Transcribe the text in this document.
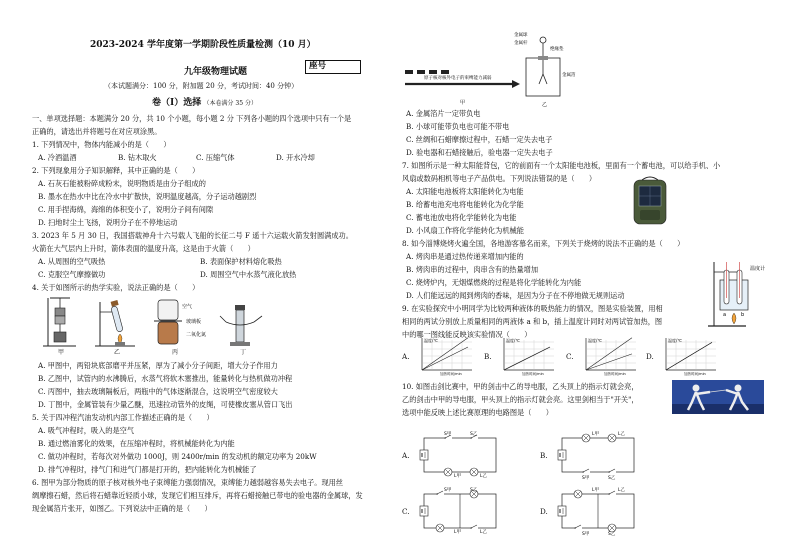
2023-2024 学年度第一学期阶段性质量检测（10 月）
座号
九年级物理试题
（本试题满分：100 分，附加题 20 分，考试时间：40 分钟）
卷（I）选择 （本卷满分 35 分）
一、单项选择题：本题满分 20 分，共 10 个小题，每小题 2 分 下列各小题的四个选项中只有一个是
正确的，请选出并将题号在对应项涂黑。
1. 下列情况中，物体内能减小的是（　　）
A. 冷酒温酒	B. 钻木取火	C. 压缩气体	D. 开水冷却
2. 下列现象用分子知识解释，其中正确的是（　　）
A. 石灰石能被粉碎成粉末，说明物质是由分子组成的
B. 墨水在热水中比在冷水中扩散快，说明温度越高，分子运动越剧烈
C. 用手捏海绵，海绵的体积变小了，说明分子间有间隙
D. 扫地时尘土飞扬，说明分子在不停地运动
3. 2023 年 5 月 30 日，我国搭载神舟十六号载人飞船的长征二号 F 遥十六运载火箭发射圆满成功。
火箭在大气层内上升时，箭体表面的温度升高，这是由于火箭（　　）
A. 从周围的空气吸热	B. 表面保护材料熔化吸热
C. 克服空气摩擦做功	D. 周围空气中水蒸气液化放热
4. 关于如图所示的热学实验，说法正确的是（　　）
空气
玻璃板
二氧化氮
甲	乙	丙	丁
A. 甲图中，两铅块底部磨平并压紧，厚为了减小分子间距，增大分子作用力
B. 乙图中，试管内的水沸腾后，水蒸气将软木塞推出，能量转化与热机做功冲程
C. 丙图中，抽去玻璃隔板后，两瓶中的气体逐渐混合，这说明空气密度较大
D. 丁图中，金属管装有少量乙醚，迅速拉动管外的皮绳，可使橡皮塞从管口飞出
5. 关于四冲程汽油发动机内部工作描述正确的是（　　）
A. 吸气冲程时，吸入的是空气
B. 通过燃油雾化的效果，在压缩冲程时，将机械能转化为内能
C. 做功冲程时，若每次对外做功 1000J，则 2400r/min 的发动机的额定功率为 20kW
D. 排气冲程时，排气门和进气门都是打开的，把内能转化为机械能了
6. 图甲为部分物质的原子核对核外电子束缚能力强弱情况，束缚能力越弱越容易失去电子。现用丝
绸摩擦石蜡，然后将石蜡靠近轻质小球，发现它们相互排斥，再将石蜡接触已带电的验电器的金属球，发
现金属箔片张开，如图乙。下列说法中正确的是（　　）
原子核对核外电子的束缚能力减弱
金属球
金属杆
绝缘垫
金属箔
甲	乙
A. 金属箔片一定带负电
B. 小球可能带负电也可能不带电
C. 丝绸和石蜡摩擦过程中，石蜡一定失去电子
D. 验电器和石蜡接触后，验电器一定失去电子
7. 如图所示是一种太阳能背包，它的前面有一个太阳能电池板，里面有一个蓄电池，可以给手机、小
风扇或数码相机等电子产品供电。下列说法错误的是（　　）
A. 太阳能电池板将太阳能转化为电能
B. 给蓄电池充电将电能转化为化学能
C. 蓄电池放电将化学能转化为电能
D. 小风扇工作将化学能转化为机械能
8. 如今淄博烧烤火遍全国，各地游客慕名而来，下列关于烧烤的说法不正确的是（　　）
A. 烤肉串是通过热传递来增加内能的
B. 烤肉串的过程中，肉串含有的热量增加
C. 烧烤炉内，无烟煤燃烧的过程是将化学能转化为内能
D. 人们能远远的闻到烤肉的香味，是因为分子在不停地做无规则运动
9. 在实验探究中小明同学为比较两种液体的吸热能力的情况，图是实验装置，用相
相同的两试分别放上质量相同的两液体 a 和 b，插上温度计同时对两试管加热，图
中的哪一图线能反映该实验情况（　　）
温度计
a	b
A.
温度/℃
加热时间/min
B.
温度/℃
加热时间/min
C.
温度/℃
加热时间/min
D.
温度/℃
加热时间/min
10. 如图击剑比赛中，甲的剑击中乙的导电服，乙头顶上的指示灯就会亮，
乙的剑击中甲的导电服，甲头顶上的指示灯就会亮。这里剑相当于"开关"，
选项中能反映上述比赛原理的电路图是（　　）
A.
S甲	S乙
L甲	L乙
B.
L甲	L乙
S甲	S乙
C.
S甲	S乙
L甲	L乙
D.
L甲	L乙
S甲	S乙
